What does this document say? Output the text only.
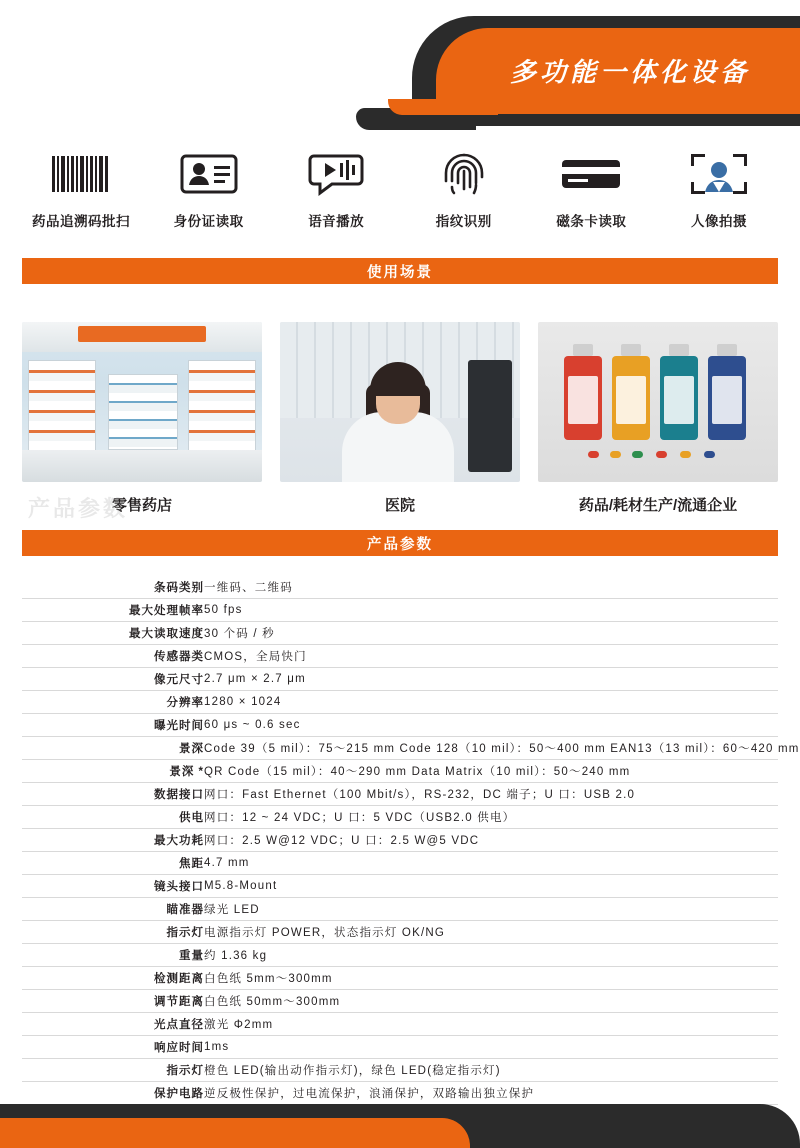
多功能一体化设备
药品追溯码批扫	身份证读取	语音播放	指纹识别	磁条卡读取	人像拍摄
使用场景
零售药店	医院	药品/耗材生产/流通企业
产品参数
产品参数
条码类别	一维码、二维码
最大处理帧率	50 fps
最大读取速度	30 个码 / 秒
传感器类	CMOS，全局快门
像元尺寸	2.7 μm × 2.7 μm
分辨率	1280 × 1024
曝光时间	60 μs ~ 0.6 sec
景深	Code 39（5 mil）：75～215 mm Code 128（10 mil）：50～400 mm EAN13（13 mil）：60～420 mm
景深 *	QR Code（15 mil）：40～290 mm Data Matrix（10 mil）：50～240 mm
数据接口	网口：Fast Ethernet（100 Mbit/s），RS-232，DC 端子；U 口：USB 2.0
供电	网口：12 ~ 24 VDC；U 口：5 VDC（USB2.0 供电）
最大功耗	网口：2.5 W@12 VDC；U 口：2.5 W@5 VDC
焦距	4.7 mm
镜头接口	M5.8-Mount
瞄准器	绿光 LED
指示灯	电源指示灯 POWER，状态指示灯 OK/NG
重量	约 1.36 kg
检测距离	白色纸 5mm～300mm
调节距离	白色纸 50mm～300mm
光点直径	激光 Φ2mm
响应时间	1ms
指示灯	橙色 LED(输出动作指示灯)，绿色 LED(稳定指示灯)
保护电路	逆反极性保护，过电流保护，浪涌保护，双路输出独立保护
